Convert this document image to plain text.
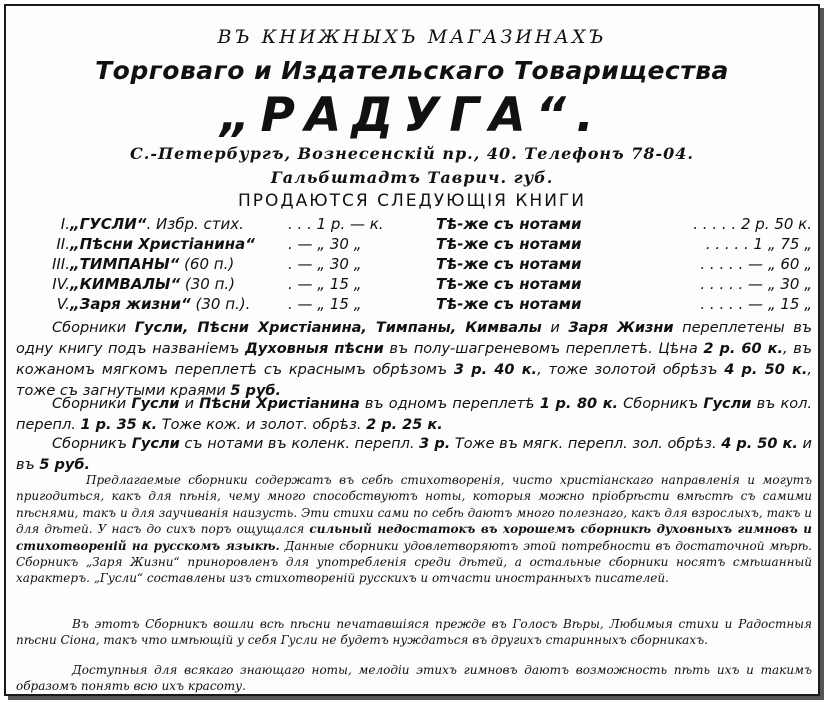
ВЪ КНИЖНЫХЪ МАГАЗИНАХЪ
Торговаго и Издательскаго Товарищества
„РАДУГА“.
С.-Петербургъ, Вознесенскій пр., 40. Телефонъ 78-04.
Гальбштадтъ Таврич. губ.
ПРОДАЮТСЯ СЛЕДУЮЩІЯ КНИГИ
I. „ГУСЛИ“. Избр. стих.	. . . 1 р. — к.	Тѣ-же съ нотами	. . . . . 2 р. 50 к.
II. „Пѣсни Христіанина“ . — „ 30 „	Тѣ-же съ нотами	. . . . . 1 „ 75 „
III. „ТИМПАНЫ“ (60 п.)	. — „ 30 „	Тѣ-же съ нотами	. . . . . — „ 60 „
IV. „КИМВАЛЫ“ (30 п.)	. — „ 15 „	Тѣ-же съ нотами	. . . . . — „ 30 „
V. „Заря жизни“ (30 п.).	. — „ 15 „	Тѣ-же съ нотами	. . . . . — „ 15 „
Сборники Гусли, Пѣсни Христіанина, Тимпаны, Кимвалы и Заря Жизни переплетены въ одну книгу подъ названіемъ Духовныя пѣсни въ полу-шагреневомъ переплетѣ. Цѣна 2 р. 60 к., въ кожаномъ мягкомъ переплетѣ съ краснымъ обрѣзомъ 3 р. 40 к., тоже золотой обрѣзъ 4 р. 50 к., тоже съ загнутыми краями 5 руб.
Сборники Гусли и Пѣсни Христіанина въ одномъ переплетѣ 1 р. 80 к. Сборникъ Гусли въ кол. перепл. 1 р. 35 к. Тоже кож. и золот. обрѣз. 2 р. 25 к.
Сборникъ Гусли съ нотами въ коленк. перепл. 3 р. Тоже въ мягк. перепл. зол. обрѣз. 4 р. 50 к. и въ 5 руб.
Предлагаемые сборники содержатъ въ себѣ стихотворенія, чисто христіанскаго направленія и могутъ пригодиться, какъ для пѣнія, чему много способствуютъ ноты, которыя можно пріобрѣсти вмѣстѣ съ самими пѣснями, такъ и для заучиванія наизусть. Эти стихи сами по себѣ даютъ много полезнаго, какъ для взрослыхъ, такъ и для дѣтей. У насъ до сихъ поръ ощущался сильный недостатокъ въ хорошемъ сборникѣ духовныхъ гимновъ и стихотвореній на русскомъ языкѣ. Данные сборники удовлетворяютъ этой потребности въ достаточной мѣрѣ. Сборникъ „Заря Жизни“ приноровленъ для употребленія среди дѣтей, а остальные сборники носятъ смѣшанный характеръ. „Гусли“ составлены изъ стихотвореній русскихъ и отчасти иностранныхъ писателей.
Въ этотъ Сборникъ вошли всѣ пѣсни печатавшіяся прежде въ Голосъ Вѣры, Любимыя стихи и Радостныя пѣсни Сіона, такъ что имѣющій у себя Гусли не будетъ нуждаться въ другихъ старинныхъ сборникахъ.
Доступныя для всякаго знающаго ноты, мелодіи этихъ гимновъ даютъ возможность пѣть ихъ и такимъ образомъ понять всю ихъ красоту.
